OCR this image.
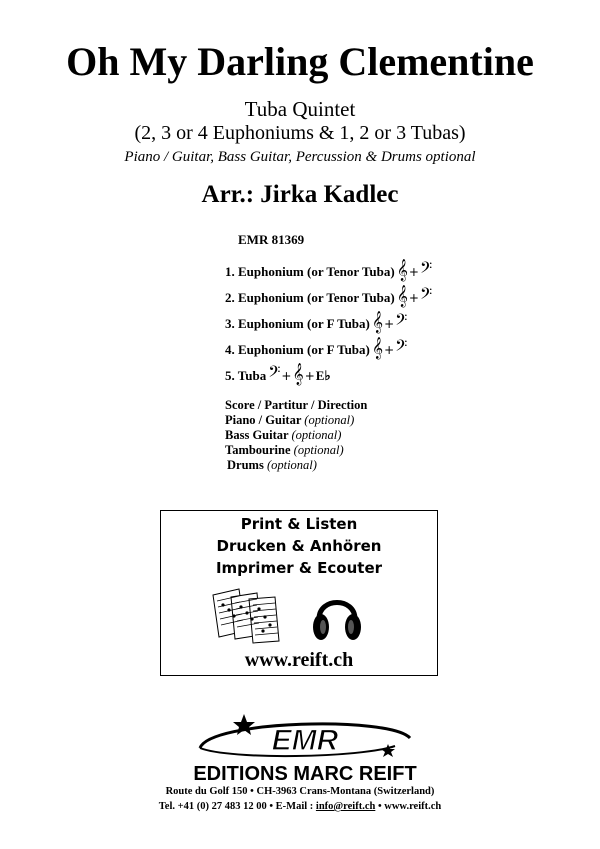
Oh My Darling Clementine
Tuba Quintet
(2, 3 or 4 Euphoniums & 1, 2 or 3 Tubas)
Piano / Guitar, Bass Guitar, Percussion & Drums optional
Arr.: Jirka Kadlec
EMR 81369
1. Euphonium (or Tenor Tuba) 𝄞 + 𝄢
2. Euphonium (or Tenor Tuba) 𝄞 + 𝄢
3. Euphonium (or F Tuba) 𝄞 + 𝄢
4. Euphonium (or F Tuba) 𝄞 + 𝄢
5. Tuba 𝄢 + 𝄞 + E♭
Score / Partitur / Direction
Piano / Guitar (optional)
Bass Guitar (optional)
Tambourine (optional)
Drums (optional)
Print & Listen
Drucken & Anhören
Imprimer & Ecouter
www.reift.ch
EMR
EDITIONS MARC REIFT
Route du Golf 150 • CH-3963 Crans-Montana (Switzerland)
Tel. +41 (0) 27 483 12 00 • E-Mail : info@reift.ch • www.reift.ch
